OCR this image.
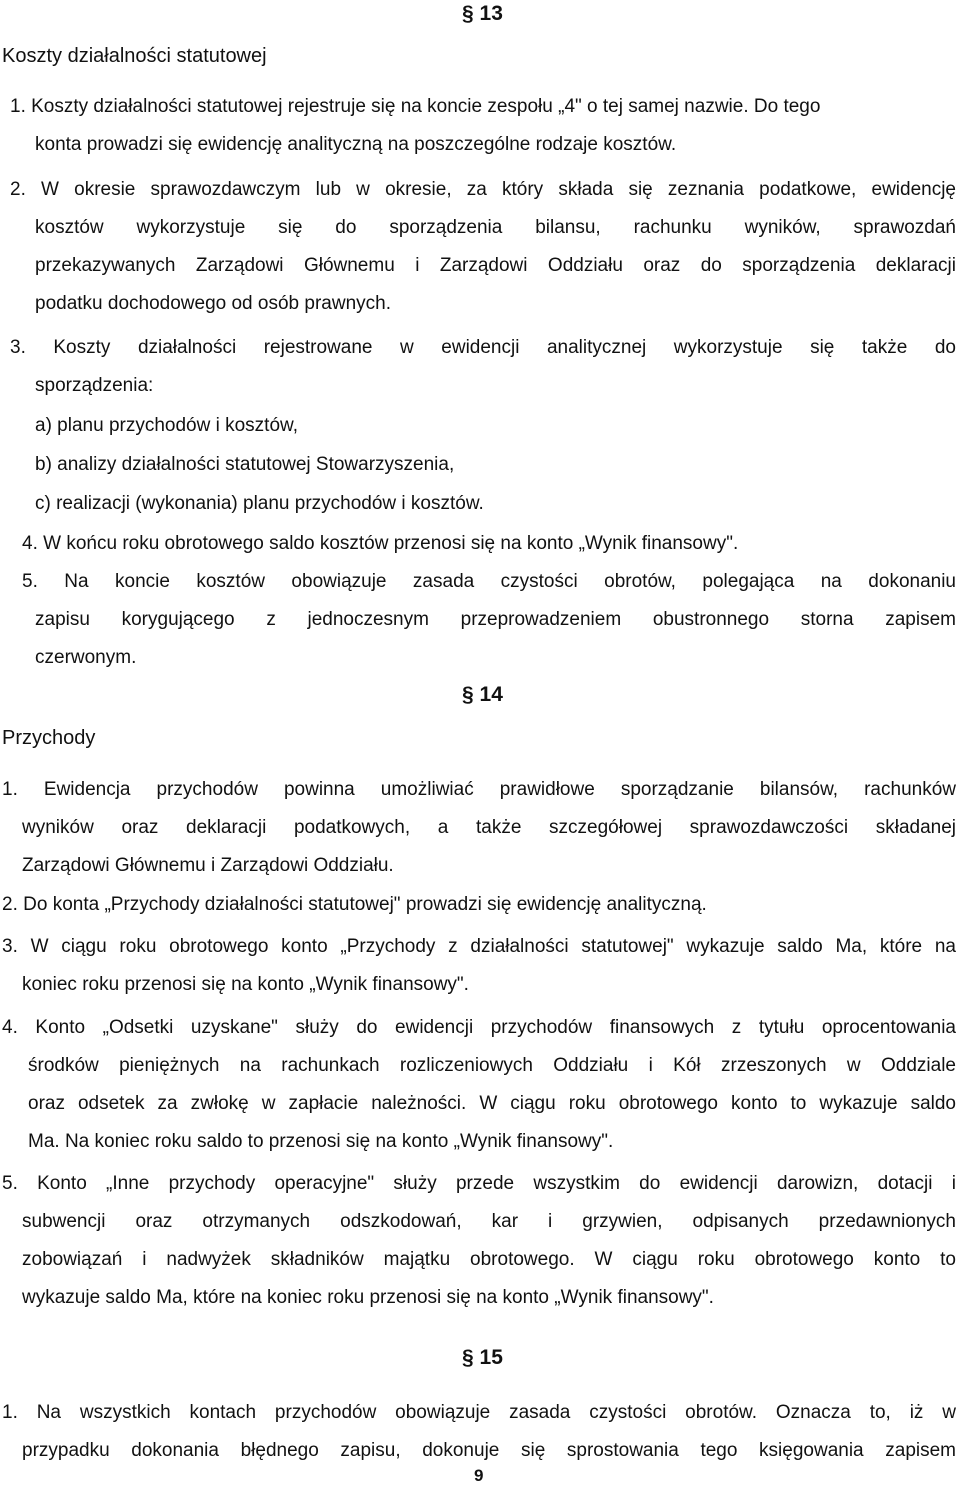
§ 13
Koszty działalności statutowej
1. Koszty działalności statutowej rejestruje się na koncie zespołu „4" o tej samej nazwie. Do tego
konta prowadzi się ewidencję analityczną na poszczególne rodzaje kosztów.
2. W okresie sprawozdawczym lub w okresie, za który składa się zeznania podatkowe, ewidencję
kosztów wykorzystuje się do sporządzenia bilansu, rachunku wyników, sprawozdań
przekazywanych Zarządowi Głównemu i Zarządowi Oddziału oraz do sporządzenia deklaracji
podatku dochodowego od osób prawnych.
3. Koszty działalności rejestrowane w ewidencji analitycznej wykorzystuje się także do
sporządzenia:
a) planu przychodów i kosztów,
b) analizy działalności statutowej Stowarzyszenia,
c) realizacji (wykonania) planu przychodów i kosztów.
4. W końcu roku obrotowego saldo kosztów przenosi się na konto „Wynik finansowy".
5. Na koncie kosztów obowiązuje zasada czystości obrotów, polegająca na dokonaniu
zapisu korygującego z jednoczesnym przeprowadzeniem obustronnego storna zapisem
czerwonym.
§ 14
Przychody
1. Ewidencja przychodów powinna umożliwiać prawidłowe sporządzanie bilansów, rachunków
wyników oraz deklaracji podatkowych, a także szczegółowej sprawozdawczości składanej
Zarządowi Głównemu i Zarządowi Oddziału.
2. Do konta „Przychody działalności statutowej" prowadzi się ewidencję analityczną.
3. W ciągu roku obrotowego konto „Przychody z działalności statutowej" wykazuje saldo Ma, które na
koniec roku przenosi się na konto „Wynik finansowy".
4. Konto „Odsetki uzyskane" służy do ewidencji przychodów finansowych z tytułu oprocentowania
środków pieniężnych na rachunkach rozliczeniowych Oddziału i Kół zrzeszonych w Oddziale
oraz odsetek za zwłokę w zapłacie należności. W ciągu roku obrotowego konto to wykazuje saldo
Ma. Na koniec roku saldo to przenosi się na konto „Wynik finansowy".
5. Konto „Inne przychody operacyjne" służy przede wszystkim do ewidencji darowizn, dotacji i
subwencji oraz otrzymanych odszkodowań, kar i grzywien, odpisanych przedawnionych
zobowiązań i nadwyżek składników majątku obrotowego. W ciągu roku obrotowego konto to
wykazuje saldo Ma, które na koniec roku przenosi się na konto „Wynik finansowy".
§ 15
1. Na wszystkich kontach przychodów obowiązuje zasada czystości obrotów. Oznacza to, iż w
przypadku dokonania błędnego zapisu, dokonuje się sprostowania tego księgowania zapisem
9
